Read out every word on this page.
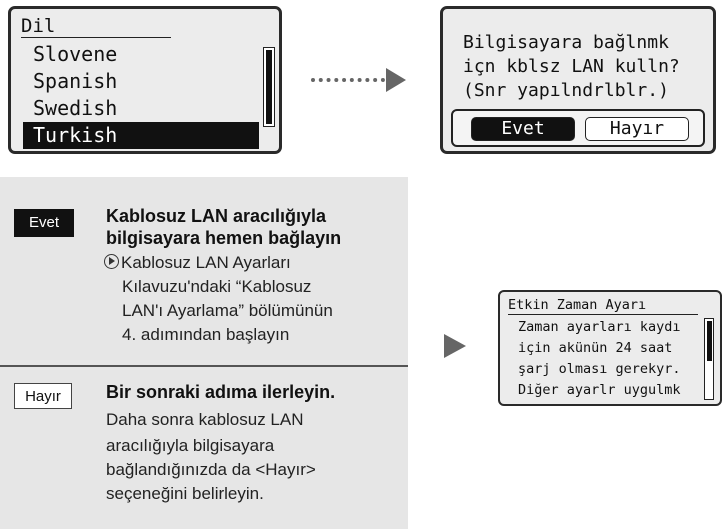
Dil
Slovene
Spanish
Swedish
Turkish
Bilgisayara bağlnmk
içn kblsz LAN kulln?
(Snr yapılndrlblr.)
Evet	Hayır
Evet	Kablosuz LAN aracılığıyla
bilgisayara hemen bağlayın
Kablosuz LAN Ayarları
Kılavuzu'ndaki “Kablosuz
LAN'ı Ayarlama” bölümünün
4. adımından başlayın
Hayır	Bir sonraki adıma ilerleyin.
Daha sonra kablosuz LAN
aracılığıyla bilgisayara
bağlandığınızda da <Hayır>
seçeneğini belirleyin.
Etkin Zaman Ayarı
Zaman ayarları kaydı
için akünün 24 saat
şarj olması gerekyr.
Diğer ayarlr uygulmk
